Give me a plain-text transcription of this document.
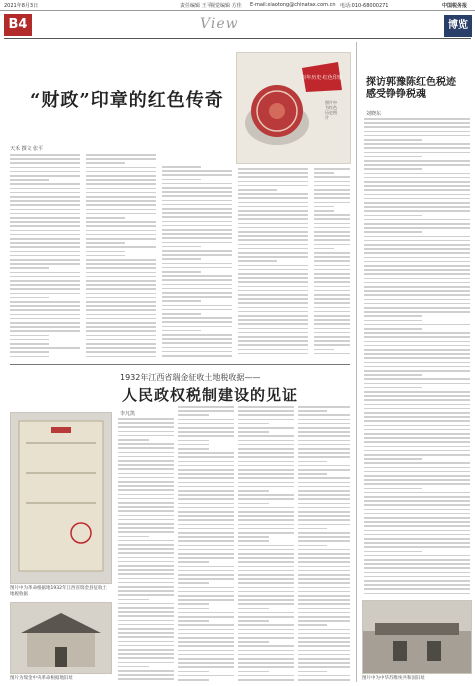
2021年8月3日	责任编辑 王平
视觉编辑 方佳 E-mail:xiaotong@chinatax.com.cn 电话:010-68000271	中国税务报
B4	View	博览
“财政”印章的红色传奇
天禾 撰文 张平
百年历史·红色印象
照片中为红色历史图片
探访郭豫陈红色税迹
感受铮铮税魂
刘晓东
图片中为中华苏维埃共和国旧址
1932年江西省瑞金征收土地税收据——
人民政权税制建设的见证
李凡凯
图片中为革命根据地1932年江西省瑞金县征收土地税收据
图片为瑞金中央革命根据地旧址
